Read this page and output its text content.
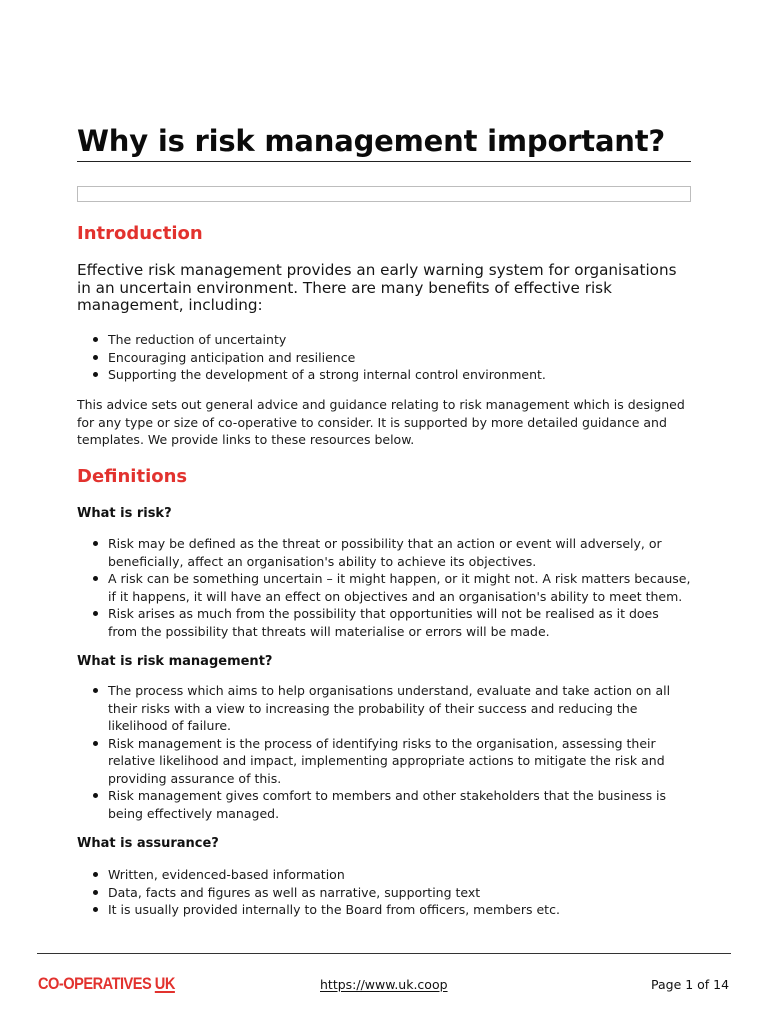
Why is risk management important?
Introduction

Effective risk management provides an early warning system for organisations in an uncertain environment. There are many benefits of effective risk management, including:

The reduction of uncertainty
Encouraging anticipation and resilience
Supporting the development of a strong internal control environment.

This advice sets out general advice and guidance relating to risk management which is designed for any type or size of co-operative to consider. It is supported by more detailed guidance and templates. We provide links to these resources below.

Definitions
What is risk?
Risk may be defined as the threat or possibility that an action or event will adversely, or beneficially, affect an organisation's ability to achieve its objectives.
A risk can be something uncertain – it might happen, or it might not. A risk matters because, if it happens, it will have an effect on objectives and an organisation's ability to meet them.
Risk arises as much from the possibility that opportunities will not be realised as it does from the possibility that threats will materialise or errors will be made.
What is risk management?
The process which aims to help organisations understand, evaluate and take action on all their risks with a view to increasing the probability of their success and reducing the likelihood of failure.
Risk management is the process of identifying risks to the organisation, assessing their relative likelihood and impact, implementing appropriate actions to mitigate the risk and providing assurance of this.
Risk management gives comfort to members and other stakeholders that the business is being effectively managed.
What is assurance?
Written, evidenced-based information
Data, facts and figures as well as narrative, supporting text
It is usually provided internally to the Board from officers, members etc.
CO-OPERATIVES UK	https://www.uk.coop	Page 1 of 14
